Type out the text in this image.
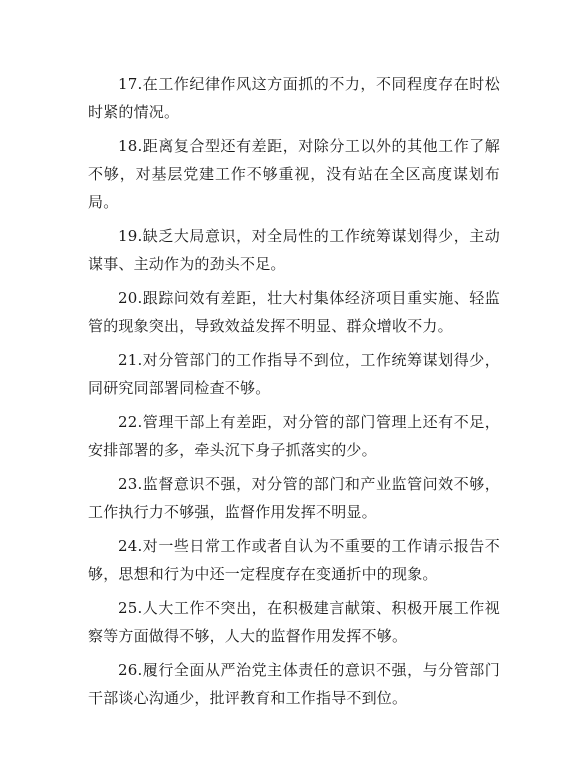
17.在工作纪律作风这方面抓的不力，不同程度存在时松时紧的情况。

18.距离复合型还有差距，对除分工以外的其他工作了解不够，对基层党建工作不够重视，没有站在全区高度谋划布局。

19.缺乏大局意识，对全局性的工作统筹谋划得少，主动谋事、主动作为的劲头不足。

20.跟踪问效有差距，壮大村集体经济项目重实施、轻监管的现象突出，导致效益发挥不明显、群众增收不力。

21.对分管部门的工作指导不到位，工作统筹谋划得少，同研究同部署同检查不够。

22.管理干部上有差距，对分管的部门管理上还有不足，安排部署的多，牵头沉下身子抓落实的少。

23.监督意识不强，对分管的部门和产业监管问效不够，工作执行力不够强，监督作用发挥不明显。

24.对一些日常工作或者自认为不重要的工作请示报告不够，思想和行为中还一定程度存在变通折中的现象。

25.人大工作不突出，在积极建言献策、积极开展工作视察等方面做得不够，人大的监督作用发挥不够。

26.履行全面从严治党主体责任的意识不强，与分管部门干部谈心沟通少，批评教育和工作指导不到位。
